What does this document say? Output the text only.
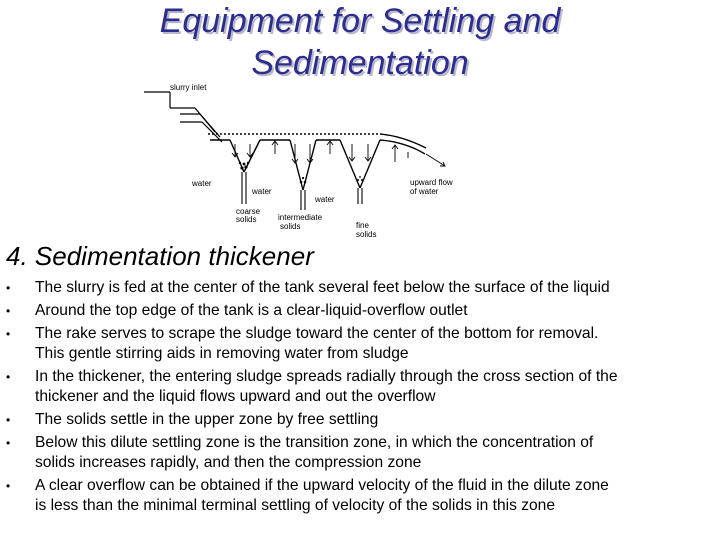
Equipment for Settling and
Sedimentation
slurry inlet
water
water
water
upward flow
of water
coarse
solids	intermediate
solids	fine
solids
4. Sedimentation thickener
• The slurry is fed at the center of the tank several feet below the surface of the liquid
• Around the top edge of the tank is a clear-liquid-overflow outlet
• The rake serves to scrape the sludge toward the center of the bottom for removal.
This gentle stirring aids in removing water from sludge
• In the thickener, the entering sludge spreads radially through the cross section of the
thickener and the liquid flows upward and out the overflow
• The solids settle in the upper zone by free settling
• Below this dilute settling zone is the transition zone, in which the concentration of
solids increases rapidly, and then the compression zone
• A clear overflow can be obtained if the upward velocity of the fluid in the dilute zone
is less than the minimal terminal settling of velocity of the solids in this zone
